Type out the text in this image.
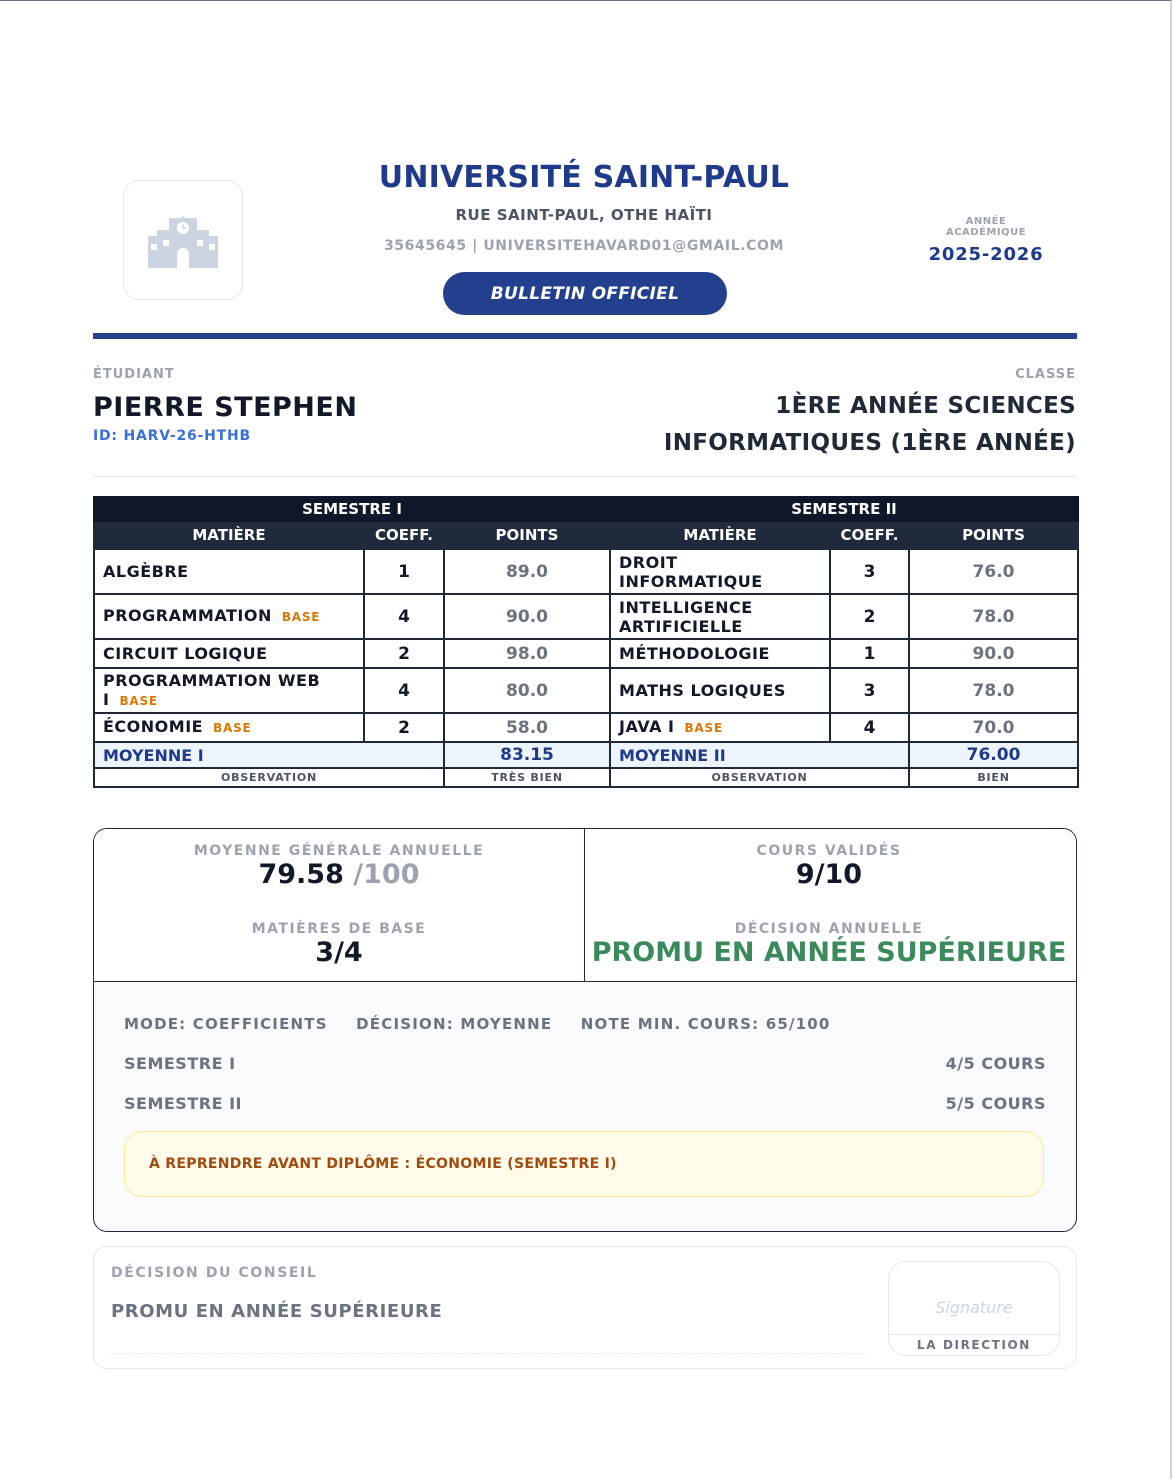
UNIVERSITÉ SAINT-PAUL
RUE SAINT-PAUL, OTHE HAÏTI
35645645 | UNIVERSITEHAVARD01@GMAIL.COM
BULLETIN OFFICIEL
ANNÉE ACADÉMIQUE
2025-2026
ÉTUDIANT
PIERRE STEPHEN
ID: HARV-26-HTHB
CLASSE
1ÈRE ANNÉE SCIENCES
INFORMATIQUES (1ÈRE ANNÉE)
SEMESTRE I			SEMESTRE II		
MATIÈRE	COEFF.	POINTS	MATIÈRE	COEFF.	POINTS
ALGÈBRE	1	89.0	DROIT INFORMATIQUE	3	76.0
PROGRAMMATION BASE	4	90.0	INTELLIGENCE ARTIFICIELLE	2	78.0
CIRCUIT LOGIQUE	2	98.0	MÉTHODOLOGIE	1	90.0
PROGRAMMATION WEB I BASE	4	80.0	MATHS LOGIQUES	3	78.0
ÉCONOMIE BASE	2	58.0	JAVA I BASE	4	70.0
MOYENNE I		83.15	MOYENNE II		76.00
OBSERVATION		TRÈS BIEN	OBSERVATION		BIEN
MOYENNE GÉNÉRALE ANNUELLE
79.58 /100
COURS VALIDÉS
9/10
MATIÈRES DE BASE
3/4
DÉCISION ANNUELLE
PROMU EN ANNÉE SUPÉRIEURE
MODE: COEFFICIENTS DÉCISION: MOYENNE NOTE MIN. COURS: 65/100
SEMESTRE I	4/5 COURS
SEMESTRE II	5/5 COURS
À REPRENDRE AVANT DIPLÔME : ÉCONOMIE (SEMESTRE I)
DÉCISION DU CONSEIL
PROMU EN ANNÉE SUPÉRIEURE	Signature
LA DIRECTION
